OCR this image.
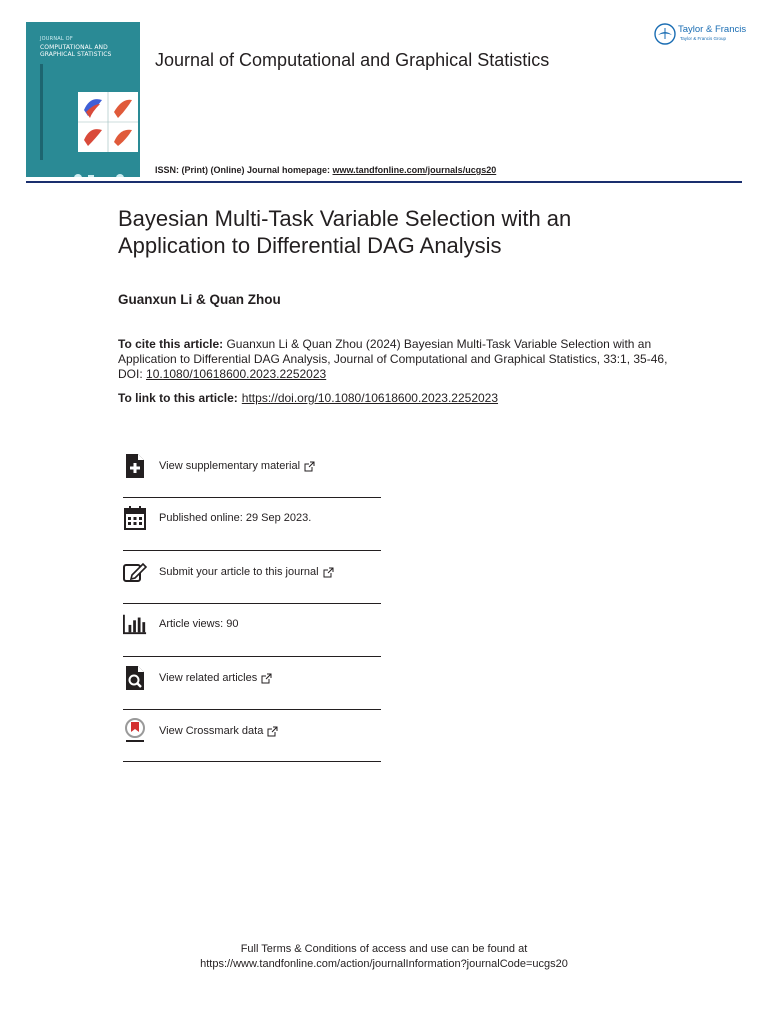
JOURNAL OF
COMPUTATIONAL AND
GRAPHICAL STATISTICS Journal of Computational and Graphical Statistics
Taylor & Francis
Taylor & Francis Group
ISSN: (Print) (Online) Journal homepage: www.tandfonline.com/journals/ucgs20
Bayesian Multi-Task Variable Selection with an Application to Differential DAG Analysis
Guanxun Li & Quan Zhou
To cite this article: Guanxun Li & Quan Zhou (2024) Bayesian Multi-Task Variable Selection with an Application to Differential DAG Analysis, Journal of Computational and Graphical Statistics, 33:1, 35-46, DOI: 10.1080/10618600.2023.2252023
To link to this article: https://doi.org/10.1080/10618600.2023.2252023
View supplementary material
Published online: 29 Sep 2023.
Submit your article to this journal
Article views: 90
View related articles
View Crossmark data
Full Terms & Conditions of access and use can be found at
https://www.tandfonline.com/action/journalInformation?journalCode=ucgs20
